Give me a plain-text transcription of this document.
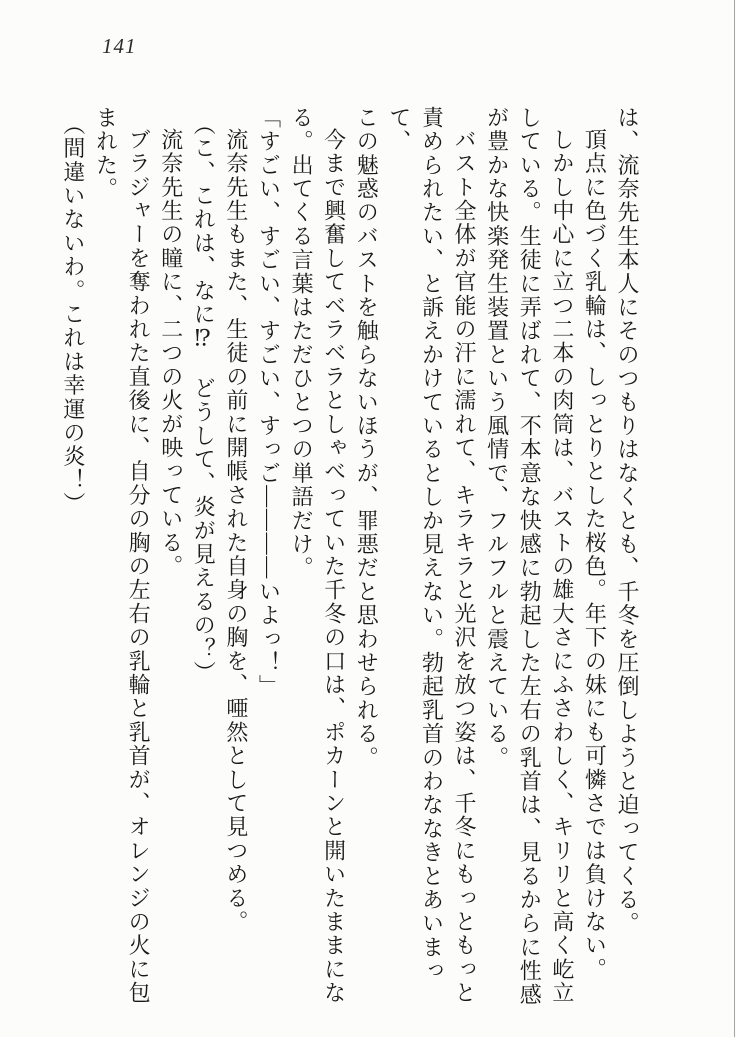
141
は、流奈先生本人にそのつもりはなくとも、千冬を圧倒しようと迫ってくる。
頂点に色づく乳輪は、しっとりとした桜色。年下の妹にも可憐さでは負けない。
しかし中心に立つ二本の肉筒は、バストの雄大さにふさわしく、キリリと高く屹立
している。生徒に弄ばれて、不本意な快感に勃起した左右の乳首は、見るからに性感
が豊かな快楽発生装置という風情で、フルフルと震えている。
バスト全体が官能の汗に濡れて、キラキラと光沢を放つ姿は、千冬にもっともっと
責められたい、と訴えかけているとしか見えない。勃起乳首のわななきとあいまって、
この魅惑のバストを触らないほうが、罪悪だと思わせられる。
今まで興奮してベラベラとしゃべっていた千冬の口は、ポカーンと開いたままにな
る。出てくる言葉はただひとつの単語だけ。
「すごい、すごい、すごい、すっご――――いよっ！」
流奈先生もまた、生徒の前に開帳された自身の胸を、唖然として見つめる。
（こ、これは、なに⁉　どうして、炎が見えるの？）
流奈先生の瞳に、二つの火が映っている。
ブラジャーを奪われた直後に、自分の胸の左右の乳輪と乳首が、オレンジの火に包
まれた。
（間違いないわ。これは幸運の炎！）
